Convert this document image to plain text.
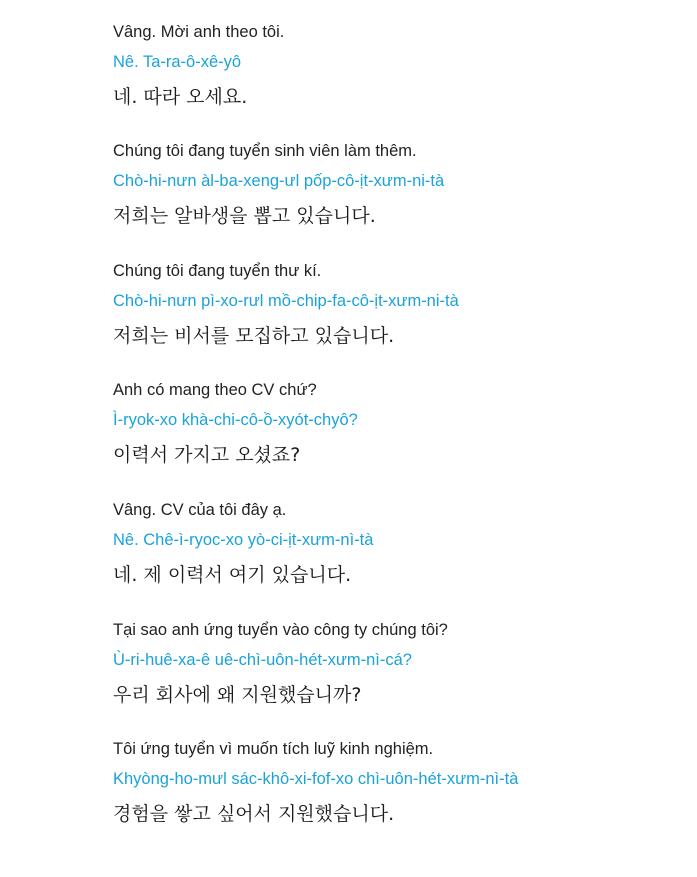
Vâng. Mời anh theo tôi.
Nê. Ta-ra-ô-xê-yô
네. 따라 오세요.
Chúng tôi đang tuyển sinh viên làm thêm.
Chò-hi-nưn àl-ba-xeng-ưl pốp-cô-ịt-xưm-ni-tà
저희는 알바생을 뽑고 있습니다.
Chúng tôi đang tuyển thư kí.
Chò-hi-nưn pì-xo-rưl mồ-chip-fa-cô-ịt-xưm-ni-tà
저희는 비서를 모집하고 있습니다.
Anh có mang theo CV chứ?
Ì-ryok-xo khà-chi-cô-ồ-xyót-chyô?
이력서 가지고 오셨죠?
Vâng. CV của tôi đây ạ.
Nê. Chê-ì-ryoc-xo yò-ci-ịt-xưm-nì-tà
네. 제 이력서 여기 있습니다.
Tại sao anh ứng tuyển vào công ty chúng tôi?
Ù-ri-huê-xa-ê uê-chì-uôn-hét-xưm-nì-cá?
우리 회사에 왜 지원했습니까?
Tôi ứng tuyển vì muốn tích luỹ kinh nghiệm.
Khyòng-ho-mưl sác-khô-xi-fof-xo chì-uôn-hét-xưm-nì-tà
경험을 쌓고 싶어서 지원했습니다.
